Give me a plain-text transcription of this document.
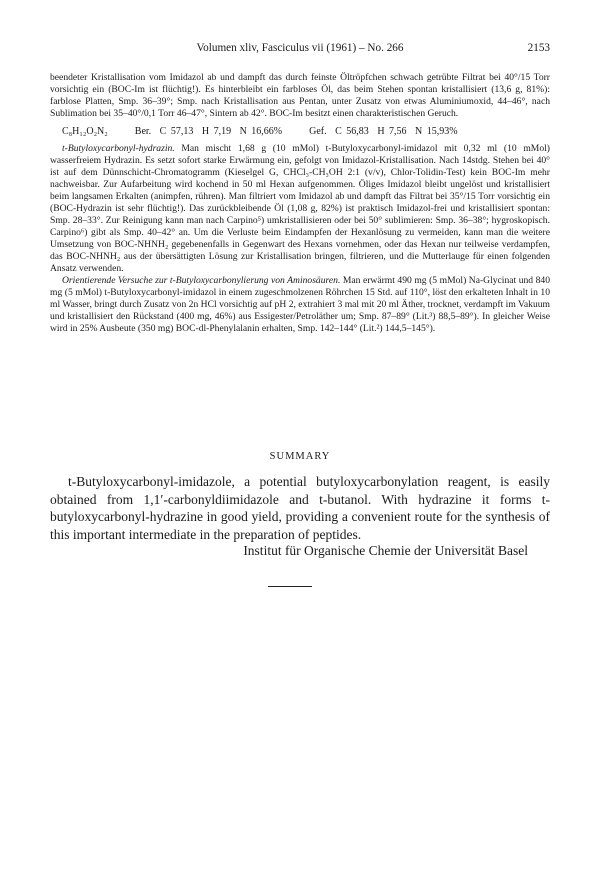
Volumen xliv, Fasciculus vii (1961) – No. 266	2153

beendeter Kristallisation vom Imidazol ab und dampft das durch feinste Öltröpfchen schwach getrübte Filtrat bei 40°/15 Torr vorsichtig ein (BOC-Im ist flüchtig!). Es hinterbleibt ein farbloses Öl, das beim Stehen spontan kristallisiert (13,6 g, 81%): farblose Platten, Smp. 36–39°; Smp. nach Kristallisation aus Pentan, unter Zusatz von etwas Aluminiumoxid, 44–46°, nach Sublimation bei 35–40°/0,1 Torr 46–47°, Sintern ab 42°. BOC-Im besitzt einen charakteristischen Geruch.

C₈H₁₂O₂N₂	Ber. C 57,13 H 7,19 N 16,66%	Gef. C 56,83 H 7,56 N 15,93%

t-Butyloxycarbonyl-hydrazin. Man mischt 1,68 g (10 mMol) t-Butyloxycarbonyl-imidazol mit 0,32 ml (10 mMol) wasserfreiem Hydrazin. Es setzt sofort starke Erwärmung ein, gefolgt von Imidazol-Kristallisation. Nach 14stdg. Stehen bei 40° ist auf dem Dünnschicht-Chromatogramm (Kieselgel G, CHCl₃-CH₃OH 2:1 (v/v), Chlor-Tolidin-Test) kein BOC-Im mehr nachweisbar. Zur Aufarbeitung wird kochend in 50 ml Hexan aufgenommen. Öliges Imidazol bleibt ungelöst und kristallisiert beim langsamen Erkalten (animpfen, rühren). Man filtriert vom Imidazol ab und dampft das Filtrat bei 35°/15 Torr vorsichtig ein (BOC-Hydrazin ist sehr flüchtig!). Das zurückbleibende Öl (1,08 g, 82%) ist praktisch Imidazol-frei und kristallisiert spontan: Smp. 28–33°. Zur Reinigung kann man nach Carpino⁵) umkristallisieren oder bei 50° sublimieren: Smp. 36–38°; hygroskopisch. Carpino⁶) gibt als Smp. 40–42° an. Um die Verluste beim Eindampfen der Hexanlösung zu vermeiden, kann man die weitere Umsetzung von BOC-NHNH₂ gegebenenfalls in Gegenwart des Hexans vornehmen, oder das Hexan nur teilweise verdampfen, das BOC-NHNH₂ aus der übersättigten Lösung zur Kristallisation bringen, filtrieren, und die Mutterlauge für einen folgenden Ansatz verwenden.

Orientierende Versuche zur t-Butyloxycarbonylierung von Aminosäuren. Man erwärmt 490 mg (5 mMol) Na-Glycinat und 840 mg (5 mMol) t-Butyloxycarbonyl-imidazol in einem zugeschmolzenen Röhrchen 15 Std. auf 110°, löst den erkalteten Inhalt in 10 ml Wasser, bringt durch Zusatz von 2n HCl vorsichtig auf pH 2, extrahiert 3 mal mit 20 ml Äther, trocknet, verdampft im Vakuum und kristallisiert den Rückstand (400 mg, 46%) aus Essigester/Petroläther um; Smp. 87–89° (Lit.³) 88,5–89°). In gleicher Weise wird in 25% Ausbeute (350 mg) BOC-dl-Phenylalanin erhalten, Smp. 142–144° (Lit.²) 144,5–145°).

SUMMARY

t-Butyloxycarbonyl-imidazole, a potential butyloxycarbonylation reagent, is easily obtained from 1,1′-carbonyldiimidazole and t-butanol. With hydrazine it forms t-butyloxycarbonyl-hydrazine in good yield, providing a convenient route for the synthesis of this important intermediate in the preparation of peptides.

Institut für Organische Chemie der Universität Basel
